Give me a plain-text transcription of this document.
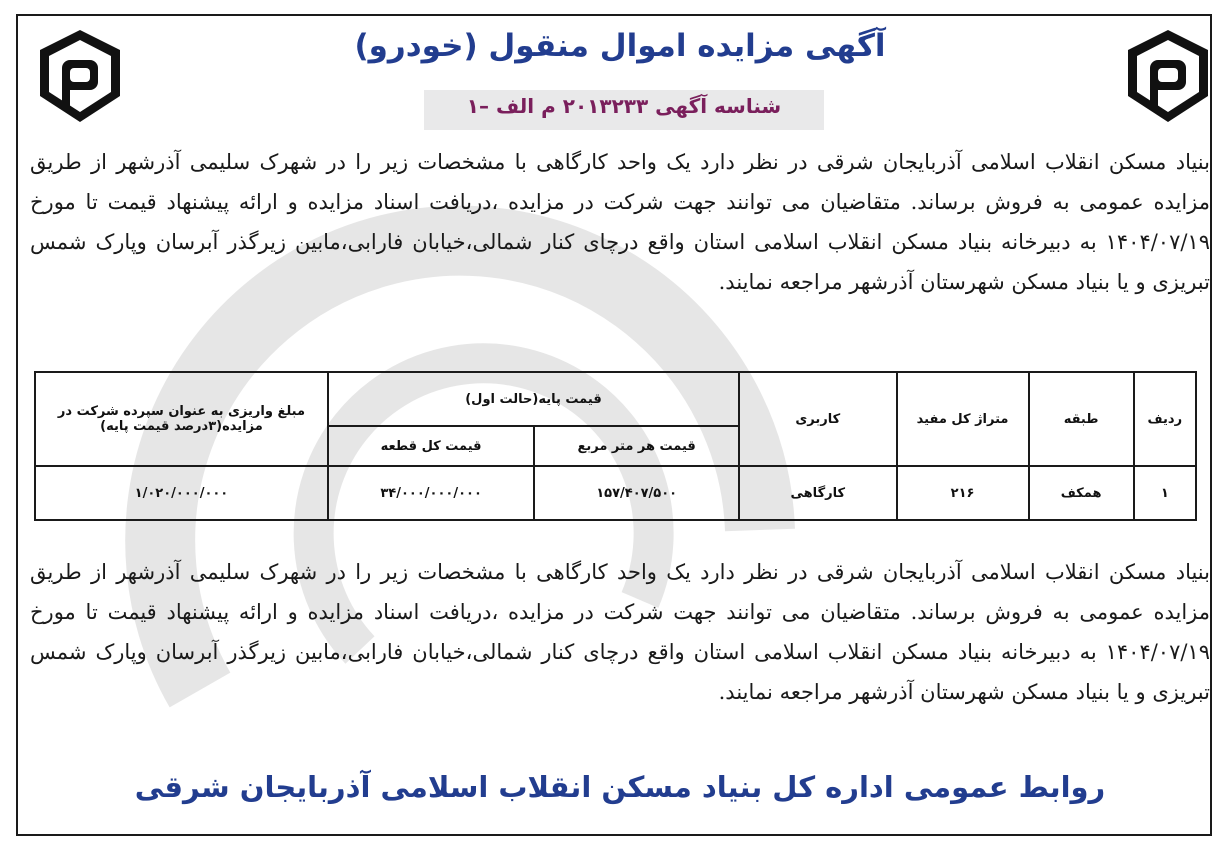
آگهی مزایده اموال منقول (خودرو)
شناسه آگهی ۲۰۱۳۲۳۳ م الف –۱
بنیاد مسکن انقلاب اسلامی آذربایجان شرقی در نظر دارد یک واحد کارگاهی با مشخصات زیر را در شهرک سلیمی آذرشهر از طریق مزایده عمومی به فروش برساند. متقاضیان می توانند جهت شرکت در مزایده ،دریافت اسناد مزایده و ارائه پیشنهاد قیمت تا مورخ ۱۴۰۴/۰۷/۱۹ به دبیرخانه بنیاد مسکن انقلاب اسلامی استان واقع درچای کنار شمالی،خیابان فارابی،مابین زیرگذر آبرسان وپارک شمس تبریزی و یا بنیاد مسکن شهرستان آذرشهر مراجعه نمایند.
ردیف	طبقه	متراژ کل مفید	کاربری	قیمت پایه(حالت اول)		مبلغ واریزی به عنوان سپرده شرکت در مزایده(۳درصد قیمت پایه)
				قیمت هر متر مربع	قیمت کل قطعه	
۱	همکف	۲۱۶	کارگاهی	۱۵۷/۴۰۷/۵۰۰	۳۴/۰۰۰/۰۰۰/۰۰۰	۱/۰۲۰/۰۰۰/۰۰۰
بنیاد مسکن انقلاب اسلامی آذربایجان شرقی در نظر دارد یک واحد کارگاهی با مشخصات زیر را در شهرک سلیمی آذرشهر از طریق مزایده عمومی به فروش برساند. متقاضیان می توانند جهت شرکت در مزایده ،دریافت اسناد مزایده و ارائه پیشنهاد قیمت تا مورخ ۱۴۰۴/۰۷/۱۹ به دبیرخانه بنیاد مسکن انقلاب اسلامی استان واقع درچای کنار شمالی،خیابان فارابی،مابین زیرگذر آبرسان وپارک شمس تبریزی و یا بنیاد مسکن شهرستان آذرشهر مراجعه نمایند.
روابط عمومی اداره کل بنیاد مسکن انقلاب اسلامی آذربایجان شرقی
